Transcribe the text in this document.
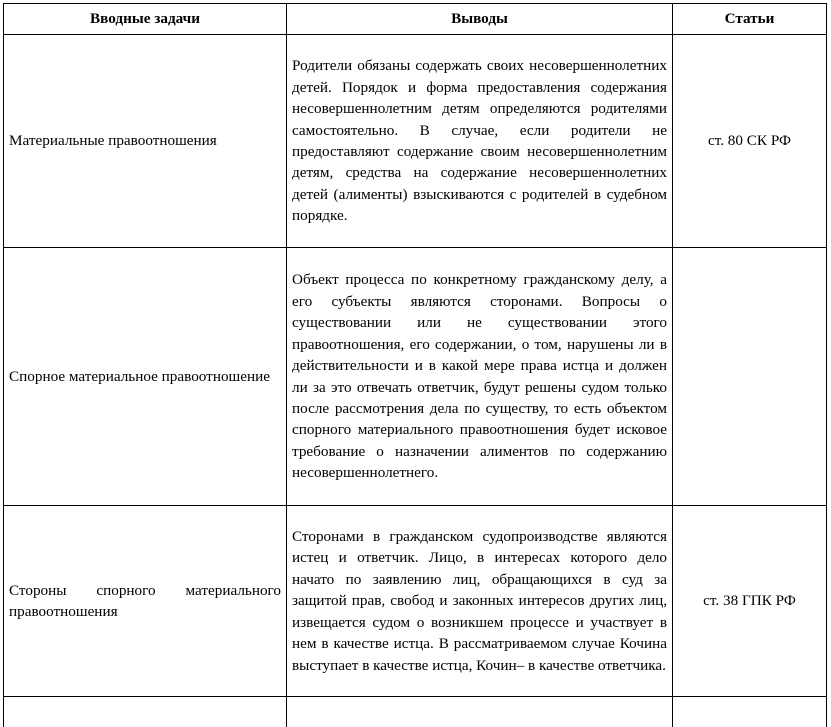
Вводные задачи	Выводы	Статьи
Материальные правоотношения	Родители обязаны содержать своих несовершеннолетних детей. Порядок и форма предоставления содержания несовершеннолетним детям определяются родителями самостоятельно. В случае, если родители не предоставляют содержание своим несовершеннолетним детям, средства на содержание несовершеннолетних детей (алименты) взыскиваются с родителей в судебном порядке.	ст. 80 СК РФ
Спорное материальное правоотношение	Объект процесса по конкретному гражданскому делу, а его субъекты являются сторонами. Вопросы о существовании или не существовании этого правоотношения, его содержании, о том, нарушены ли в действительности и в какой мере права истца и должен ли за это отвечать ответчик, будут решены судом только после рассмотрения дела по существу, то есть объектом спорного материального правоотношения будет исковое требование о назначении алиментов по содержанию несовершеннолетнего.	
Стороны спорного материального правоотношения	Сторонами в гражданском судопроизводстве являются истец и ответчик. Лицо, в интересах которого дело начато по заявлению лиц, обращающихся в суд за защитой прав, свобод и законных интересов других лиц, извещается судом о возникшем процессе и участвует в нем в качестве истца. В рассматриваемом случае Кочина выступает в качестве истца, Кочин– в качестве ответчика.	ст. 38 ГПК РФ
